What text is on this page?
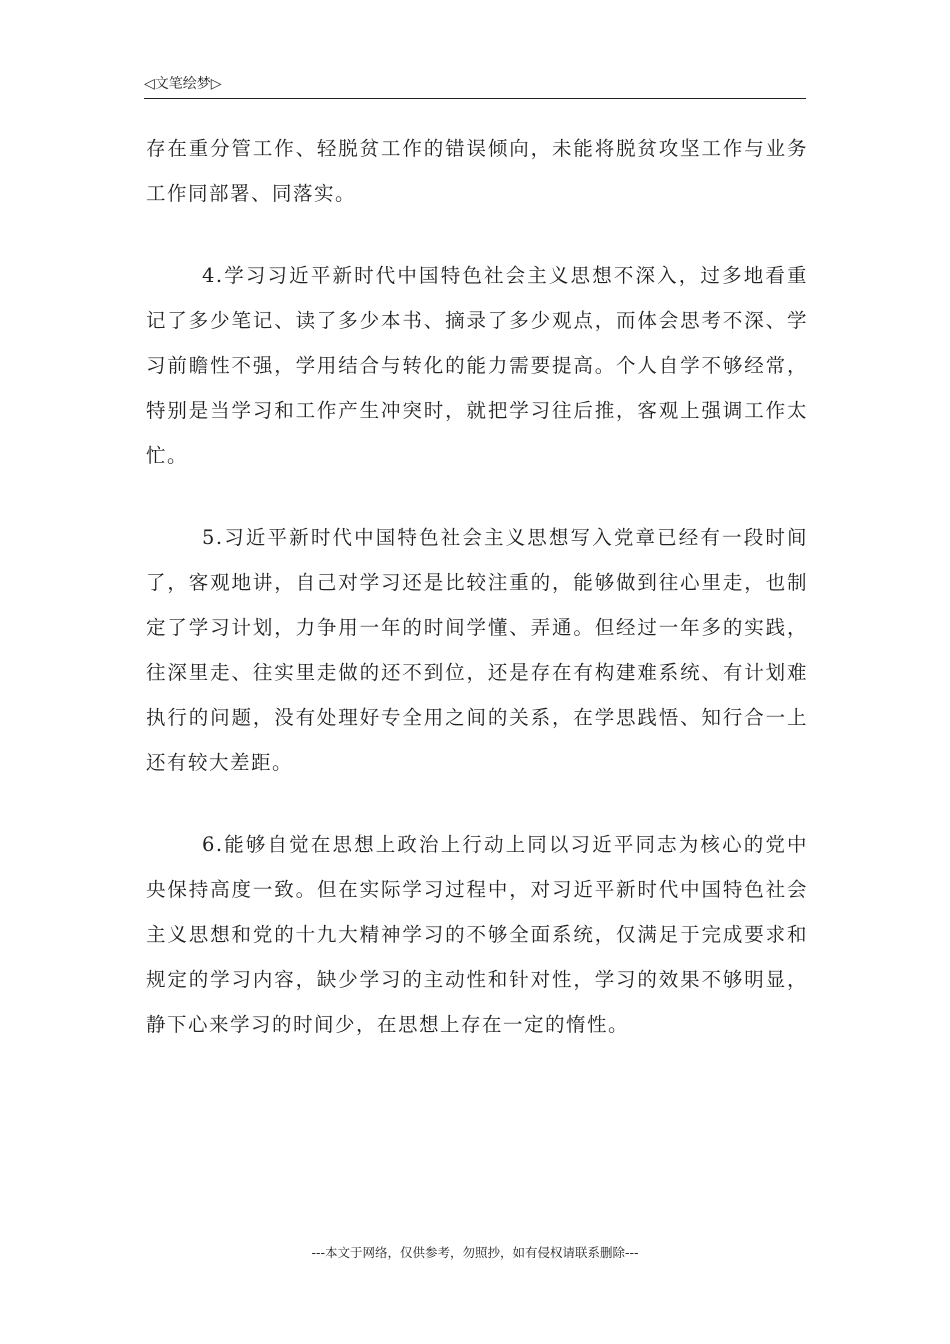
◁文笔绘梦▷

存在重分管工作、轻脱贫工作的错误倾向，未能将脱贫攻坚工作与业务工作同部署、同落实。

4.学习习近平新时代中国特色社会主义思想不深入，过多地看重记了多少笔记、读了多少本书、摘录了多少观点，而体会思考不深、学习前瞻性不强，学用结合与转化的能力需要提高。个人自学不够经常，特别是当学习和工作产生冲突时，就把学习往后推，客观上强调工作太忙。

5.习近平新时代中国特色社会主义思想写入党章已经有一段时间了，客观地讲，自己对学习还是比较注重的，能够做到往心里走，也制定了学习计划，力争用一年的时间学懂、弄通。但经过一年多的实践，往深里走、往实里走做的还不到位，还是存在有构建难系统、有计划难执行的问题，没有处理好专全用之间的关系，在学思践悟、知行合一上还有较大差距。

6.能够自觉在思想上政治上行动上同以习近平同志为核心的党中央保持高度一致。但在实际学习过程中，对习近平新时代中国特色社会主义思想和党的十九大精神学习的不够全面系统，仅满足于完成要求和规定的学习内容，缺少学习的主动性和针对性，学习的效果不够明显，静下心来学习的时间少，在思想上存在一定的惰性。

---本文于网络，仅供参考，勿照抄，如有侵权请联系删除---
